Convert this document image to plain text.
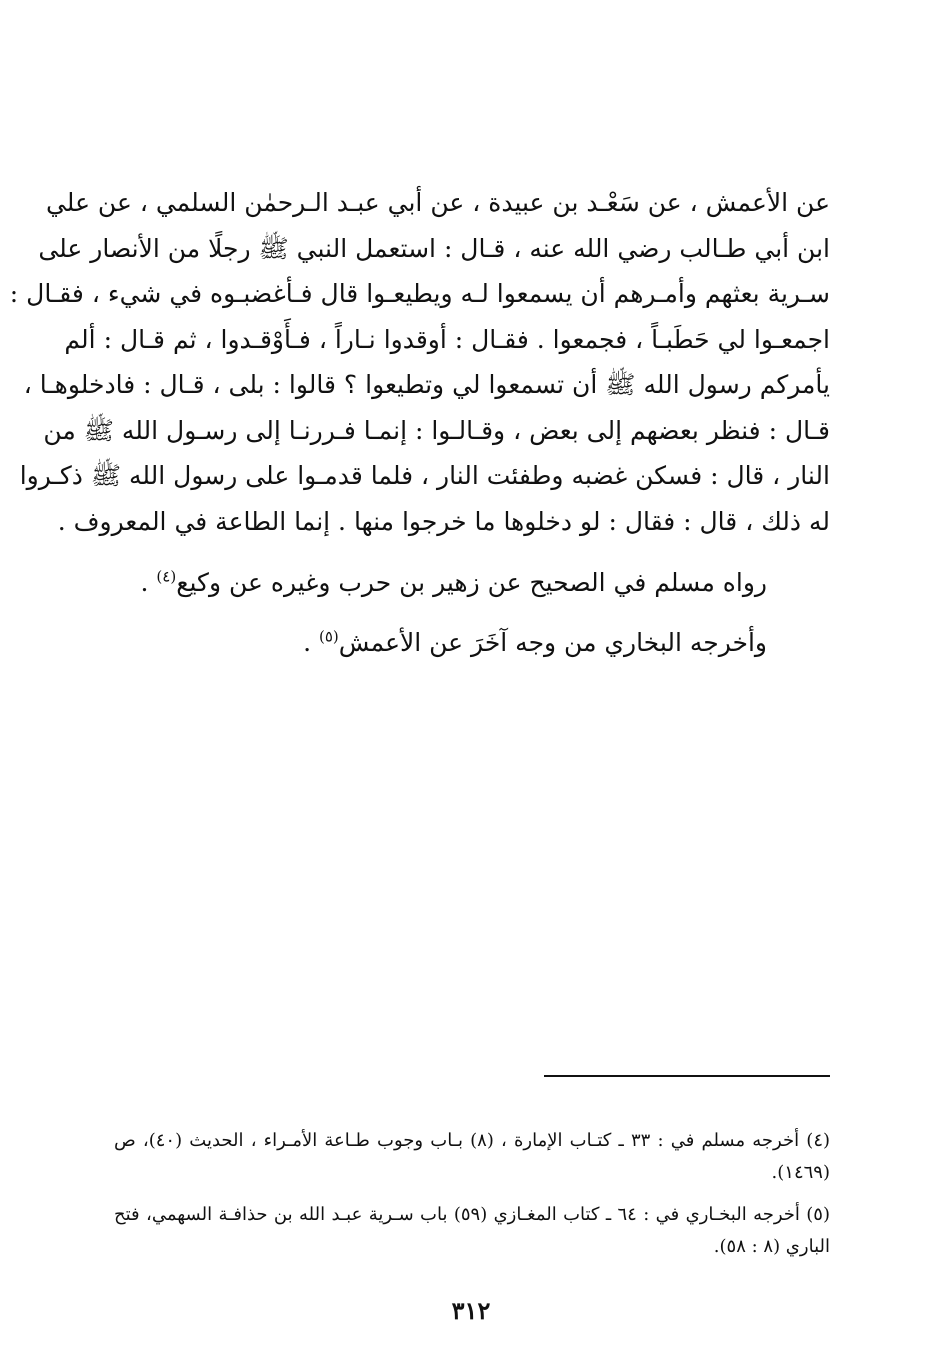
عن الأعمش ، عن سَعْـد بن عبيدة ، عن أبي عبـد الـرحمٰن السلمي ، عن علي
ابن أبي طـالب رضي الله عنه ، قـال : استعمل النبي ﷺ رجلًا من الأنصار على
سـرية بعثهم وأمـرهم أن يسمعوا لـه ويطيعـوا قال فـأغضبـوه في شيء ، فقـال :
اجمعـوا لي حَطَبـاً ، فجمعوا . فقـال : أوقدوا نـاراً ، فـأَوْقـدوا ، ثم قـال : ألم
يأمركم رسول الله ﷺ أن تسمعوا لي وتطيعوا ؟ قالوا : بلى ، قـال : فادخلوهـا ،
قـال : فنظر بعضهم إلى بعض ، وقـالـوا : إنمـا فـررنـا إلى رسـول الله ﷺ من
النار ، قال : فسكن غضبه وطفئت النار ، فلما قدمـوا على رسول الله ﷺ ذكـروا
له ذلك ، قال : فقال : لو دخلوها ما خرجوا منها . إنما الطاعة في المعروف .

رواه مسلم في الصحيح عن زهير بن حرب وغيره عن وكيع$^{(٤)}$ .

وأخرجه البخاري من وجه آخَرَ عن الأعمش$^{(٥)}$ .

(٤) أخرجه مسلم في : ٣٣ ـ كتـاب الإمارة ، (٨) بـاب وجوب طـاعة الأمـراء ، الحديث (٤٠)، ص (١٤٦٩).

(٥) أخرجه البخـاري في : ٦٤ ـ كتاب المغـازي (٥٩) باب سـرية عبـد الله بن حذافـة السهمي، فتح الباري (٨ : ٥٨).

٣١٢
